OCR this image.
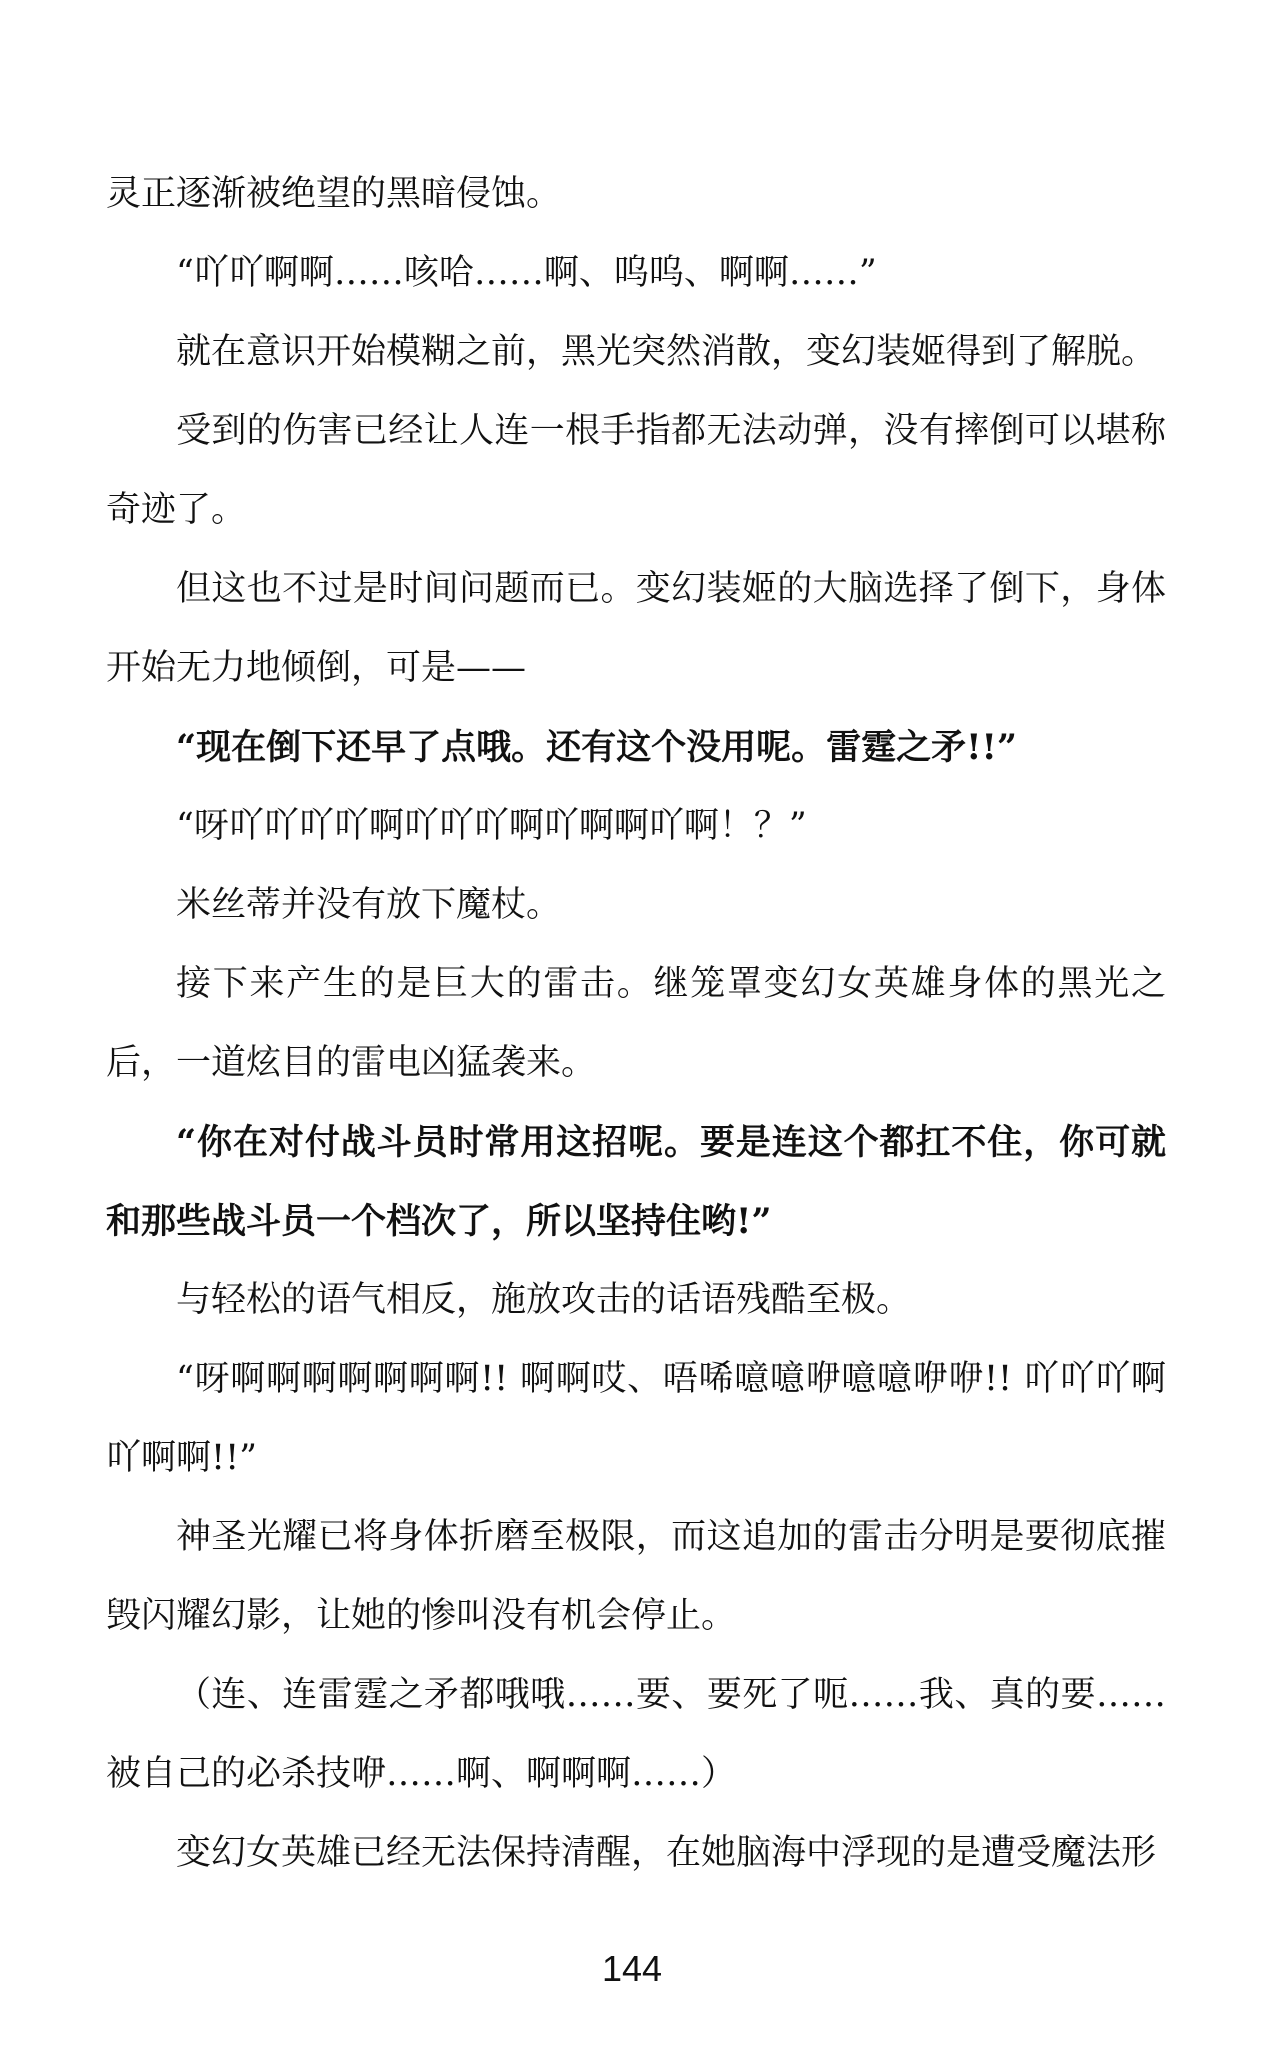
灵正逐渐被绝望的黑暗侵蚀。

“吖吖啊啊……咳哈……啊、呜呜、啊啊……”

就在意识开始模糊之前，黑光突然消散，变幻装姬得到了解脱。

受到的伤害已经让人连一根手指都无法动弹，没有摔倒可以堪称奇迹了。

但这也不过是时间问题而已。变幻装姬的大脑选择了倒下，身体开始无力地倾倒，可是——

“现在倒下还早了点哦。还有这个没用呢。雷霆之矛!!”

“呀吖吖吖吖啊吖吖吖啊吖啊啊吖啊！？”

米丝蒂并没有放下魔杖。

接下来产生的是巨大的雷击。继笼罩变幻女英雄身体的黑光之后，一道炫目的雷电凶猛袭来。

“你在对付战斗员时常用这招呢。要是连这个都扛不住，你可就和那些战斗员一个档次了，所以坚持住哟!”

与轻松的语气相反，施放攻击的话语残酷至极。

“呀啊啊啊啊啊啊啊!! 啊啊哎、唔唏噫噫咿噫噫咿咿!! 吖吖吖啊吖啊啊!!”

神圣光耀已将身体折磨至极限，而这追加的雷击分明是要彻底摧毁闪耀幻影，让她的惨叫没有机会停止。

（连、连雷霆之矛都哦哦……要、要死了呃……我、真的要……被自己的必杀技咿……啊、啊啊啊……）

变幻女英雄已经无法保持清醒，在她脑海中浮现的是遭受魔法形

144
